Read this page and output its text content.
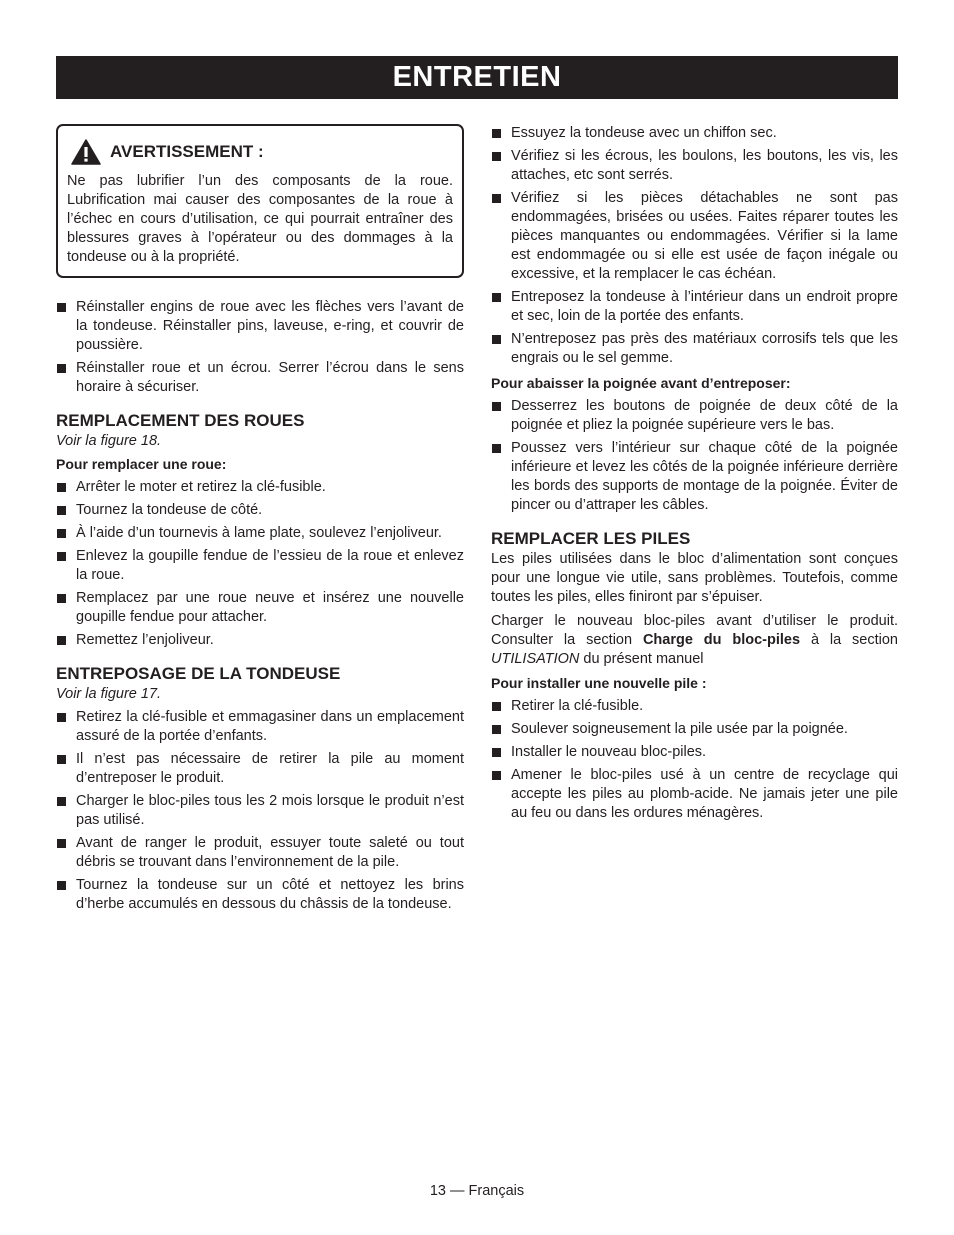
ENTRETIEN
AVERTISSEMENT :
Ne pas lubrifier l’un des composants de la roue. Lubrification mai causer des composantes de la roue à l’échec en cours d’utilisation, ce qui pourrait entraîner des blessures graves à l’opérateur ou des dommages à la tondeuse ou à la propriété.
Réinstaller engins de roue avec les flèches vers l’avant de la tondeuse. Réinstaller pins, laveuse, e-ring, et couvrir de poussière.
Réinstaller roue et un écrou. Serrer l’écrou dans le sens horaire à sécuriser.
REMPLACEMENT DES ROUES
Voir la figure 18.
Pour remplacer une roue:
Arrêter le moter et retirez la clé-fusible.
Tournez la tondeuse de côté.
À l’aide d’un tournevis à lame plate, soulevez l’enjoliveur.
Enlevez la goupille fendue de l’essieu de la roue et enlevez la roue.
Remplacez par une roue neuve et insérez une nouvelle goupille fendue pour attacher.
Remettez l’enjoliveur.
ENTREPOSAGE DE LA TONDEUSE
Voir la figure 17.
Retirez la clé-fusible et emmagasiner dans un emplacement assuré de la portée d’enfants.
Il n’est pas nécessaire de retirer la pile au moment d’entreposer le produit.
Charger le bloc-piles tous les 2 mois lorsque le produit n’est pas utilisé.
Avant de ranger le produit, essuyer toute saleté ou tout débris se trouvant dans l’environnement de la pile.
Tournez la tondeuse sur un côté et nettoyez les brins d’herbe accumulés en dessous du châssis de la tondeuse.
Essuyez la tondeuse avec un chiffon sec.
Vérifiez si les écrous, les boulons, les boutons, les vis, les attaches, etc sont serrés.
Vérifiez si les pièces détachables ne sont pas endommagées, brisées ou usées. Faites réparer toutes les pièces manquantes ou endommagées. Vérifier si la lame est endommagée ou si elle est usée de façon inégale ou excessive, et la remplacer le cas échéan.
Entreposez la tondeuse à l’intérieur dans un endroit propre et sec, loin de la portée des enfants.
N’entreposez pas près des matériaux corrosifs tels que les engrais ou le sel gemme.
Pour abaisser la poignée avant d’entreposer:
Desserrez les boutons de poignée de deux côté de la poignée et pliez la poignée supérieure vers le bas.
Poussez vers l’intérieur sur chaque côté de la poignée inférieure et levez les côtés de la poignée inférieure derrière les bords des supports de montage de la poignée. Éviter de pincer ou d’attraper les câbles.
REMPLACER LES PILES

Les piles utilisées dans le bloc d’alimentation sont conçues pour une longue vie utile, sans problèmes. Toutefois, comme toutes les piles, elles finiront par s’épuiser.

Charger le nouveau bloc-piles avant d’utiliser le produit. Consulter la section Charge du bloc-piles à la section UTILISATION du présent manuel

Pour installer une nouvelle pile :
Retirer la clé-fusible.
Soulever soigneusement la pile usée par la poignée.
Installer le nouveau bloc-piles.
Amener le bloc-piles usé à un centre de recyclage qui accepte les piles au plomb-acide. Ne jamais jeter une pile au feu ou dans les ordures ménagères.
13 — Français
